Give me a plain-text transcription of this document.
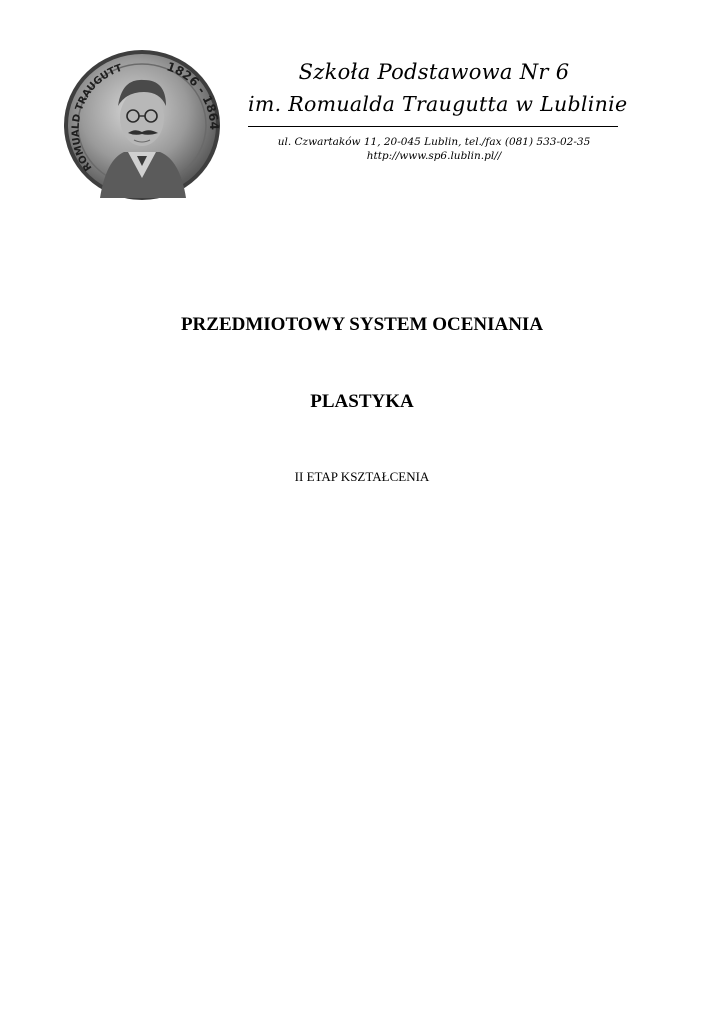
ROMUALD TRAUGUTT	1826 - 1864

Szkoła Podstawowa Nr 6

im. Romualda Traugutta w Lublinie

ul. Czwartaków 11, 20-045 Lublin, tel./fax (081) 533-02-35
http://www.sp6.lublin.pl//
PRZEDMIOTOWY SYSTEM OCENIANIA
PLASTYKA

II ETAP KSZTAŁCENIA
